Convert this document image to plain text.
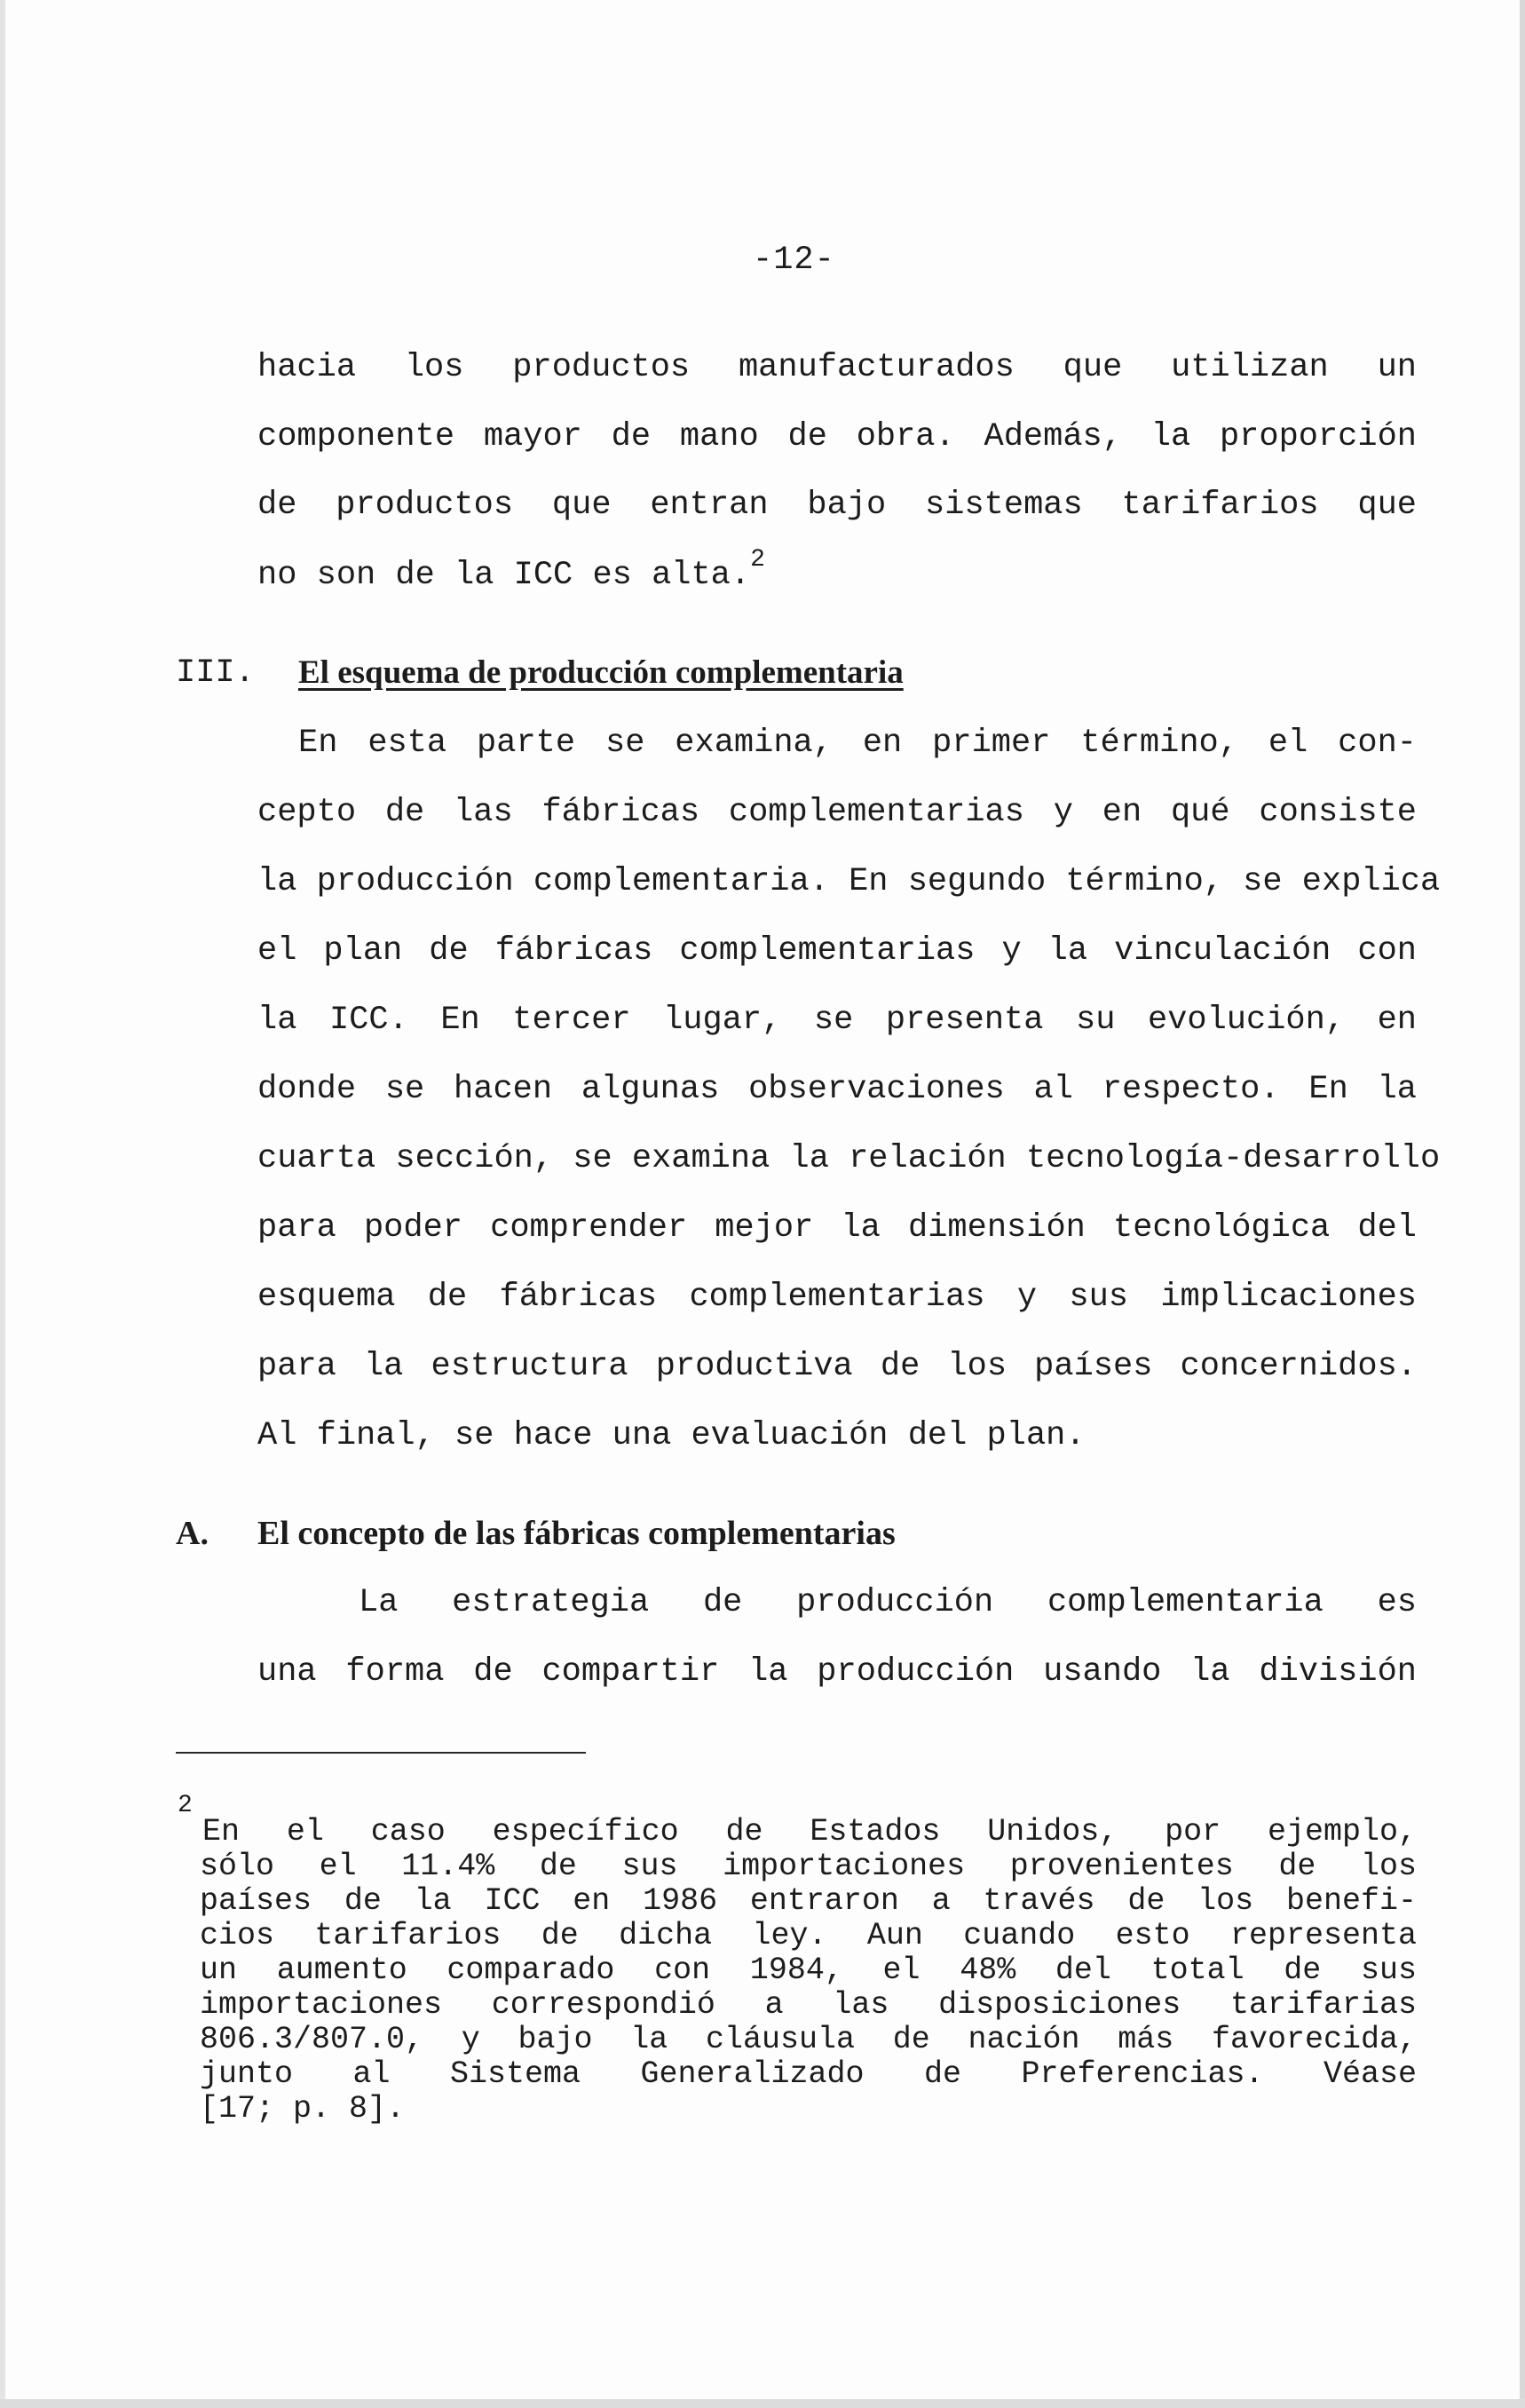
-12-
hacia los productos manufacturados que utilizan un
componente mayor de mano de obra. Además, la proporción
de productos que entran bajo sistemas tarifarios que
no son de la ICC es alta.$^2$
III. El esquema de producción complementaria
En esta parte se examina, en primer término, el con-
cepto de las fábricas complementarias y en qué consiste
la producción complementaria. En segundo término, se explica
el plan de fábricas complementarias y la vinculación con
la ICC. En tercer lugar, se presenta su evolución, en
donde se hacen algunas observaciones al respecto. En la
cuarta sección, se examina la relación tecnología-desarrollo
para poder comprender mejor la dimensión tecnológica del
esquema de fábricas complementarias y sus implicaciones
para la estructura productiva de los países concernidos.
Al final, se hace una evaluación del plan.
A. El concepto de las fábricas complementarias
La estrategia de producción complementaria es
una forma de compartir la producción usando la división
2
En el caso específico de Estados Unidos, por ejemplo,
sólo el 11.4% de sus importaciones provenientes de los
países de la ICC en 1986 entraron a través de los benefi-
cios tarifarios de dicha ley. Aun cuando esto representa
un aumento comparado con 1984, el 48% del total de sus
importaciones correspondió a las disposiciones tarifarias
806.3/807.0, y bajo la cláusula de nación más favorecida,
junto al Sistema Generalizado de Preferencias. Véase
[17; p. 8].
